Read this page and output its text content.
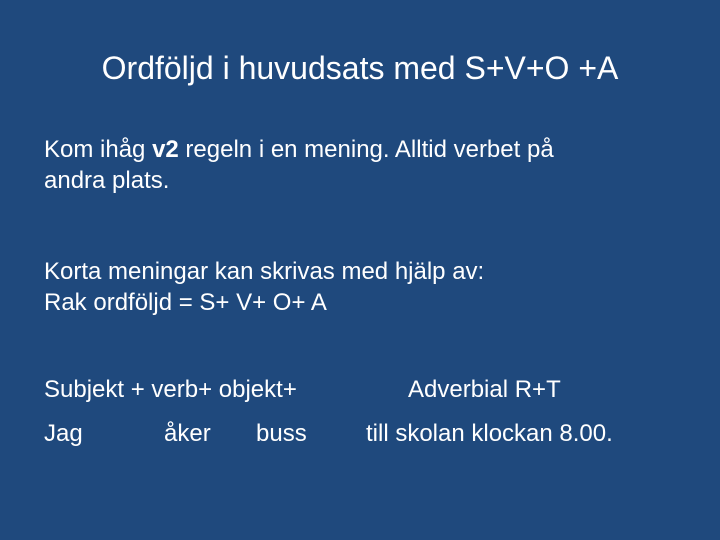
Ordföljd i huvudsats med S+V+O +A
Kom ihåg v2 regeln i en mening. Alltid verbet på
andra plats.
Korta meningar kan skrivas med hjälp av:
Rak ordföljd = S+ V+ O+ A
Subjekt + verb+ objekt+	Adverbial R+T
Jag	åker buss till skolan klockan 8.00.
